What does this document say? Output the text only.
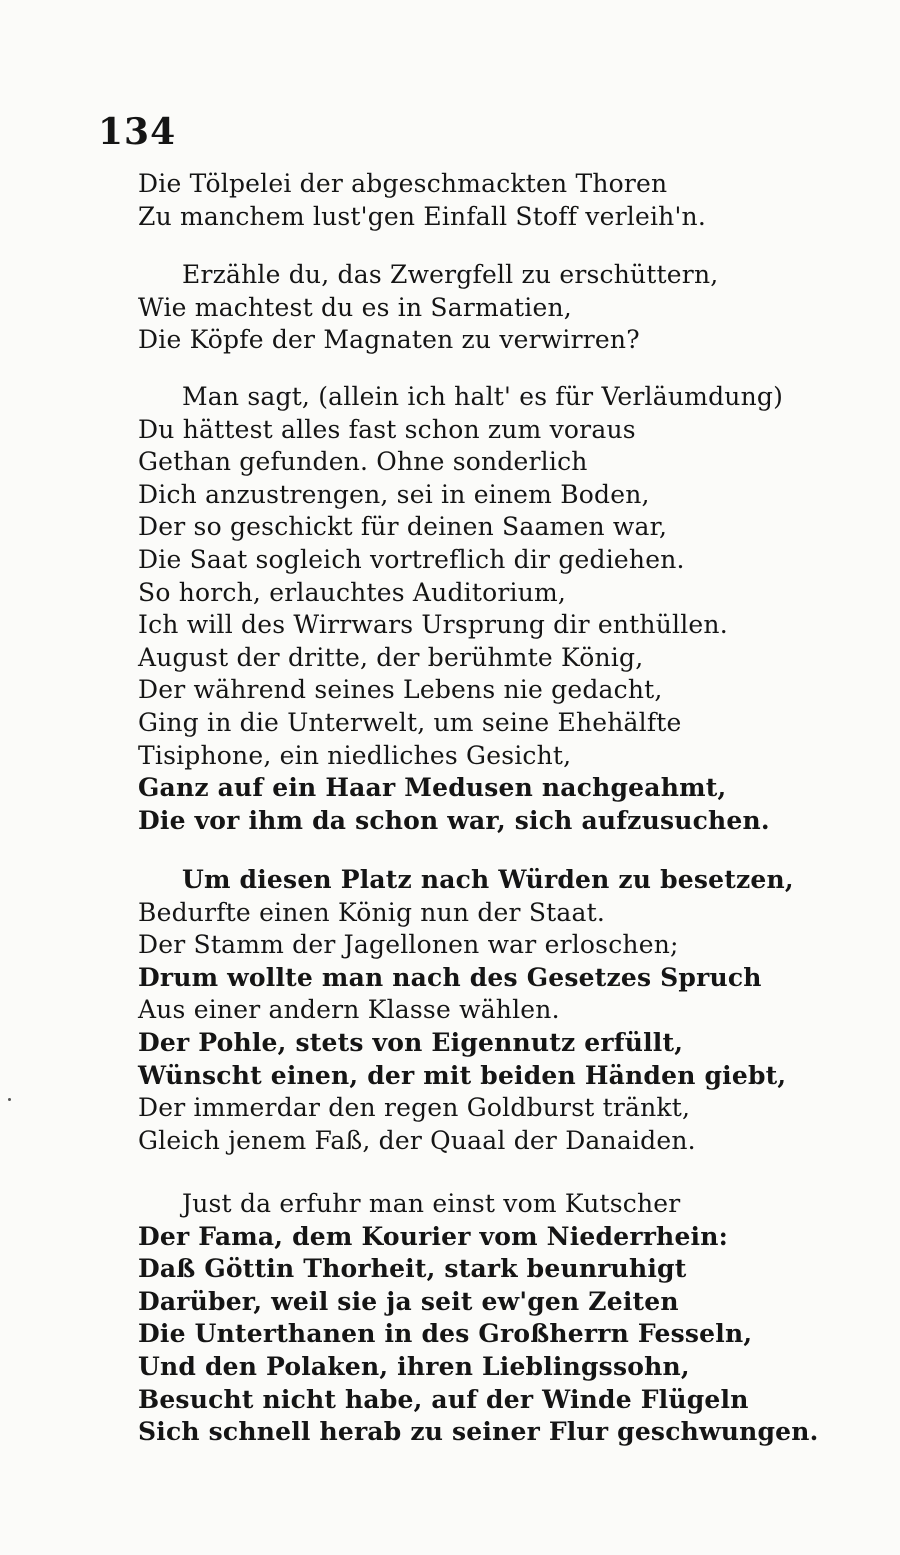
134
Die Tölpelei der abgeschmackten Thoren
Zu manchem lust'gen Einfall Stoff verleih'n.
Erzähle du, das Zwergfell zu erschüttern,
Wie machtest du es in Sarmatien,
Die Köpfe der Magnaten zu verwirren?
Man sagt, (allein ich halt' es für Verläumdung)
Du hättest alles fast schon zum voraus
Gethan gefunden. Ohne sonderlich
Dich anzustrengen, sei in einem Boden,
Der so geschickt für deinen Saamen war,
Die Saat sogleich vortreflich dir gediehen.
So horch, erlauchtes Auditorium,
Ich will des Wirrwars Ursprung dir enthüllen.
August der dritte, der berühmte König,
Der während seines Lebens nie gedacht,
Ging in die Unterwelt, um seine Ehehälfte
Tisiphone, ein niedliches Gesicht,
Ganz auf ein Haar Medusen nachgeahmt,
Die vor ihm da schon war, sich aufzusuchen.
Um diesen Platz nach Würden zu besetzen,
Bedurfte einen König nun der Staat.
Der Stamm der Jagellonen war erloschen;
Drum wollte man nach des Gesetzes Spruch
Aus einer andern Klasse wählen.
Der Pohle, stets von Eigennutz erfüllt,
Wünscht einen, der mit beiden Händen giebt,
Der immerdar den regen Goldburst tränkt,
Gleich jenem Faß, der Quaal der Danaiden.
Just da erfuhr man einst vom Kutscher
Der Fama, dem Kourier vom Niederrhein:
Daß Göttin Thorheit, stark beunruhigt
Darüber, weil sie ja seit ew'gen Zeiten
Die Unterthanen in des Großherrn Fesseln,
Und den Polaken, ihren Lieblingssohn,
Besucht nicht habe, auf der Winde Flügeln
Sich schnell herab zu seiner Flur geschwungen.
